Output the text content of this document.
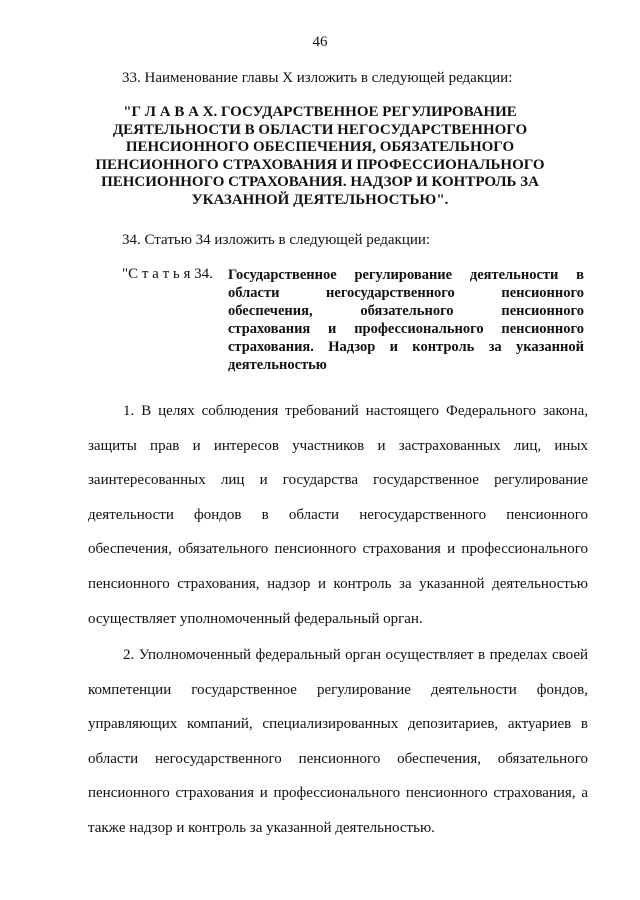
46
33. Наименование главы X изложить в следующей редакции:
"Г Л А В А X. ГОСУДАРСТВЕННОЕ РЕГУЛИРОВАНИЕ
ДЕЯТЕЛЬНОСТИ В ОБЛАСТИ НЕГОСУДАРСТВЕННОГО
ПЕНСИОННОГО ОБЕСПЕЧЕНИЯ, ОБЯЗАТЕЛЬНОГО
ПЕНСИОННОГО СТРАХОВАНИЯ И ПРОФЕССИОНАЛЬНОГО
ПЕНСИОННОГО СТРАХОВАНИЯ. НАДЗОР И КОНТРОЛЬ ЗА
УКАЗАННОЙ ДЕЯТЕЛЬНОСТЬЮ".
34. Статью 34 изложить в следующей редакции:
"С т а т ь я 34. Государственное регулирование деятельности в
области негосударственного пенсионного
обеспечения, обязательного пенсионного
страхования и профессионального пенсионного
страхования. Надзор и контроль за указанной
деятельностью
1. В целях соблюдения требований настоящего Федерального закона,
защиты прав и интересов участников и застрахованных лиц, иных
заинтересованных лиц и государства государственное регулирование
деятельности фондов в области негосударственного пенсионного
обеспечения, обязательного пенсионного страхования и профессионального
пенсионного страхования, надзор и контроль за указанной деятельностью
осуществляет уполномоченный федеральный орган.
2. Уполномоченный федеральный орган осуществляет в пределах своей
компетенции государственное регулирование деятельности фондов,
управляющих компаний, специализированных депозитариев, актуариев в
области негосударственного пенсионного обеспечения, обязательного
пенсионного страхования и профессионального пенсионного страхования, а
также надзор и контроль за указанной деятельностью.
